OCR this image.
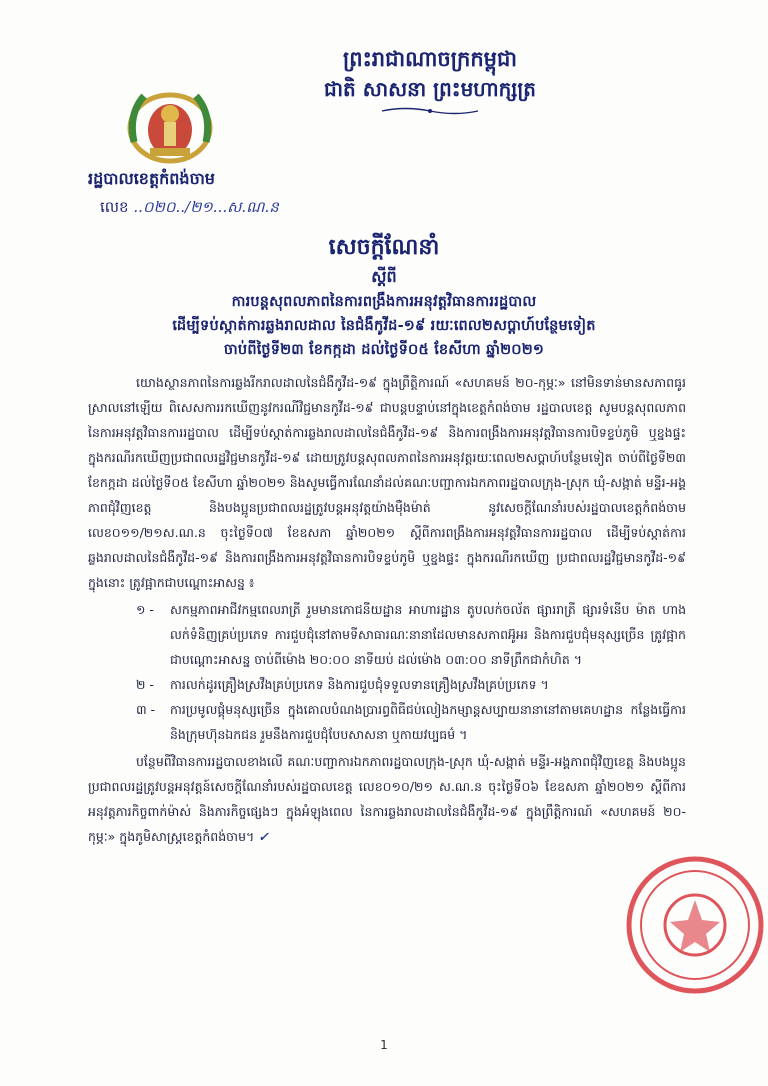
ព្រះរាជាណាចក្រកម្ពុជា
ជាតិ សាសនា ព្រះមហាក្សត្រ
រដ្ឋបាលខេត្តកំពង់ចាម
លេខ ..០២០../២១...ស.ណ.ន
សេចក្តីណែនាំ
ស្តីពី
ការបន្តសុពលភាពនៃការពង្រឹងការអនុវត្តវិធានការរដ្ឋបាល
ដើម្បីទប់ស្កាត់ការឆ្លងរាលដាល នៃជំងឺកូវីដ-១៩ រយៈពេល២សប្តាហ៍បន្ថែមទៀត
ចាប់ពីថ្ងៃទី២៣ ខែកក្កដា ដល់ថ្ងៃទី០៥ ខែសីហា ឆ្នាំ២០២១

យោងស្ថានភាពនៃការឆ្លងរីករាលដាលនៃជំងឺកូវីដ-១៩ ក្នុងព្រឹត្តិការណ៍ «សហគមន៍ ២០-កុម្ភៈ» នៅមិនទាន់មានសភាពធូរស្រាលនៅឡើយ ពិសេសការរកឃើញនូវករណីវិជ្ជមានកូវីដ-១៩ ជាបន្តបន្ទាប់នៅក្នុងខេត្តកំពង់ចាម រដ្ឋបាលខេត្ត សូមបន្តសុពលភាពនៃការអនុវត្តវិធានការរដ្ឋបាល ដើម្បីទប់ស្កាត់ការឆ្លងរាលដាលនៃជំងឺកូវីដ-១៩ និងការពង្រឹងការអនុវត្តវិធានការបិទខ្ទប់ភូមិ ឬខ្នងផ្ទះ ក្នុងករណីរកឃើញប្រជាពលរដ្ឋវិជ្ជមានកូវីដ-១៩ ដោយត្រូវបន្តសុពលភាពនៃការអនុវត្តរយៈពេល២សប្តាហ៍បន្ថែមទៀត ចាប់ពីថ្ងៃទី២៣ ខែកក្កដា ដល់ថ្ងៃទី០៥ ខែសីហា ឆ្នាំ២០២១ និងសូមធ្វើការណែនាំដល់គណៈបញ្ជាការឯកភាពរដ្ឋបាលក្រុង-ស្រុក ឃុំ-សង្កាត់ មន្ទីរ-អង្គភាពជុំវិញខេត្ត និងបងប្អូនប្រជាពលរដ្ឋត្រូវបន្តអនុវត្តយ៉ាងម៉ឺងម៉ាត់ នូវសេចក្តីណែនាំរបស់រដ្ឋបាលខេត្តកំពង់ចាម លេខ០១១/២១ស.ណ.ន ចុះថ្ងៃទី០៧ ខែឧសភា ឆ្នាំ២០២១ ស្តីពីការពង្រឹងការអនុវត្តវិធានការរដ្ឋបាល ដើម្បីទប់ស្កាត់ការឆ្លងរាលដាលនៃជំងឺកូវីដ-១៩ និងការពង្រឹងការអនុវត្តវិធានការបិទខ្ទប់ភូមិ ឬខ្នងផ្ទះ ក្នុងករណីរកឃើញ ប្រជាពលរដ្ឋវិជ្ជមានកូវីដ-១៩ ក្នុងនោះ ត្រូវផ្អាកជាបណ្តោះអាសន្ន ៖

១ -	សកម្មភាពអាជីវកម្មពេលរាត្រី រួមមានភោជនីយដ្ឋាន អាហារដ្ឋាន តូបលក់ចល័ត ផ្សាររាត្រី ផ្សារទំនើប ម៉ាត ហាងលក់ទំនិញគ្រប់ប្រភេទ ការជួបជុំនៅតាមទីសាធារណៈនានាដែលមានសភាពអ៊ូអរ និងការជួបជុំមនុស្សច្រើន ត្រូវផ្អាកជាបណ្តោះអាសន្ន ចាប់ពីម៉ោង ២០:០០ នាទីយប់ ដល់ម៉ោង ០៣:០០ នាទីព្រឹកជាកំហិត ។
២ -	ការលក់ដូរគ្រឿងស្រវឹងគ្រប់ប្រភេទ និងការជួបជុំទទួលទានគ្រឿងស្រវឹងគ្រប់ប្រភេទ ។
៣ -	ការប្រមូលផ្តុំមនុស្សច្រើន ក្នុងគោលបំណងប្រារព្ធពិធីជប់លៀងកម្សាន្តសប្បាយនានានៅតាមគេហដ្ឋាន កន្លែងធ្វើការ និងក្រុមហ៊ុនឯកជន រួមនឹងការជួបជុំបែបសាសនា ឬកាយវប្បធម៌ ។

បន្ថែមពីវិធានការរដ្ឋបាលខាងលើ គណៈបញ្ជាការឯកភាពរដ្ឋបាលក្រុង-ស្រុក ឃុំ-សង្កាត់ មន្ទីរ-អង្គភាពជុំវិញខេត្ត និងបងប្អូនប្រជាពលរដ្ឋត្រូវបន្តអនុវត្តន៍សេចក្តីណែនាំរបស់រដ្ឋបាលខេត្ត លេខ០១០/២១ ស.ណ.ន ចុះថ្ងៃទី០៦ ខែឧសភា ឆ្នាំ២០២១ ស្តីពីការអនុវត្តភារកិច្ចពាក់ម៉ាស់ និងភារកិច្ចផ្សេងៗ ក្នុងអំឡុងពេល នៃការឆ្លងរាលដាលនៃជំងឺកូវីដ-១៩ ក្នុងព្រឹត្តិការណ៍ «សហគមន៍ ២០-កុម្ភៈ» ក្នុងភូមិសាស្ត្រខេត្តកំពង់ចាម។ ✓

1
